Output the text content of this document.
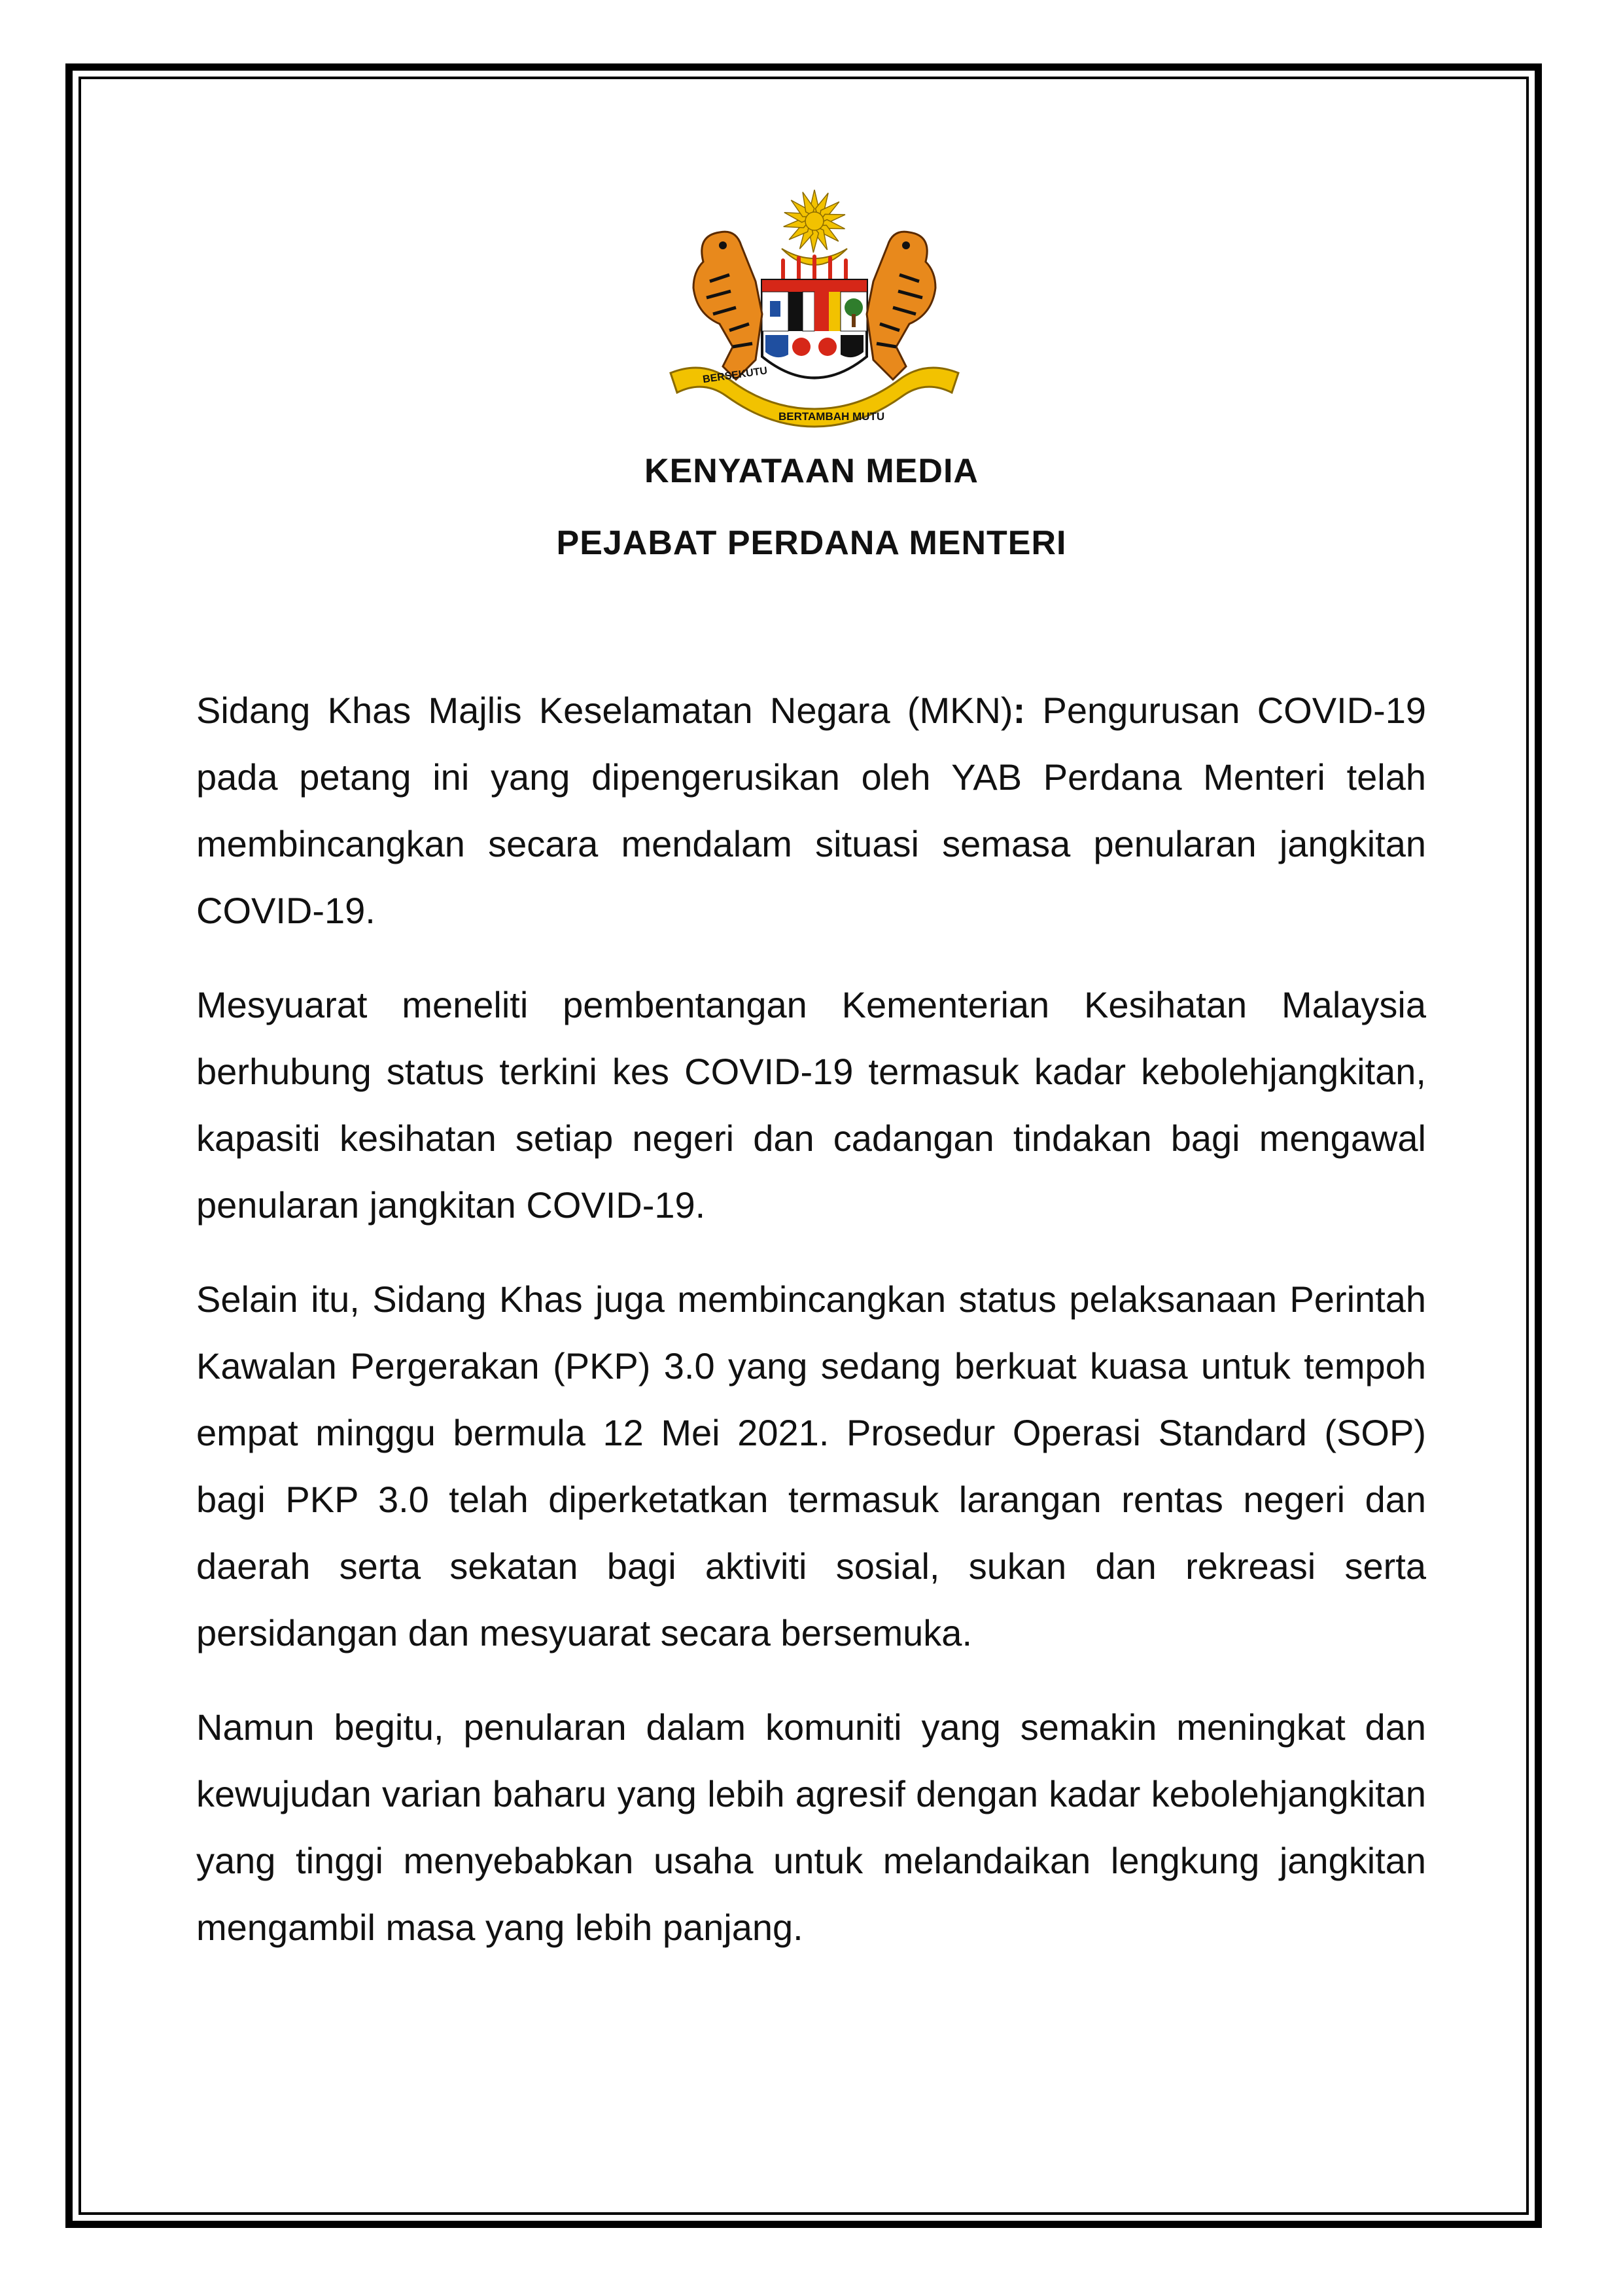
BERSEKUTU
BERTAMBAH MUTU
KENYATAAN MEDIA
PEJABAT PERDANA MENTERI

Sidang Khas Majlis Keselamatan Negara (MKN): Pengurusan COVID-19 pada petang ini yang dipengerusikan oleh YAB Perdana Menteri telah membincangkan secara mendalam situasi semasa penularan jangkitan COVID-19.

Mesyuarat meneliti pembentangan Kementerian Kesihatan Malaysia berhubung status terkini kes COVID-19 termasuk kadar kebolehjangkitan, kapasiti kesihatan setiap negeri dan cadangan tindakan bagi mengawal penularan jangkitan COVID-19.

Selain itu, Sidang Khas juga membincangkan status pelaksanaan Perintah Kawalan Pergerakan (PKP) 3.0 yang sedang berkuat kuasa untuk tempoh empat minggu bermula 12 Mei 2021. Prosedur Operasi Standard (SOP) bagi PKP 3.0 telah diperketatkan termasuk larangan rentas negeri dan daerah serta sekatan bagi aktiviti sosial, sukan dan rekreasi serta persidangan dan mesyuarat secara bersemuka.

Namun begitu, penularan dalam komuniti yang semakin meningkat dan kewujudan varian baharu yang lebih agresif dengan kadar kebolehjangkitan yang tinggi menyebabkan usaha untuk melandaikan lengkung jangkitan mengambil masa yang lebih panjang.
